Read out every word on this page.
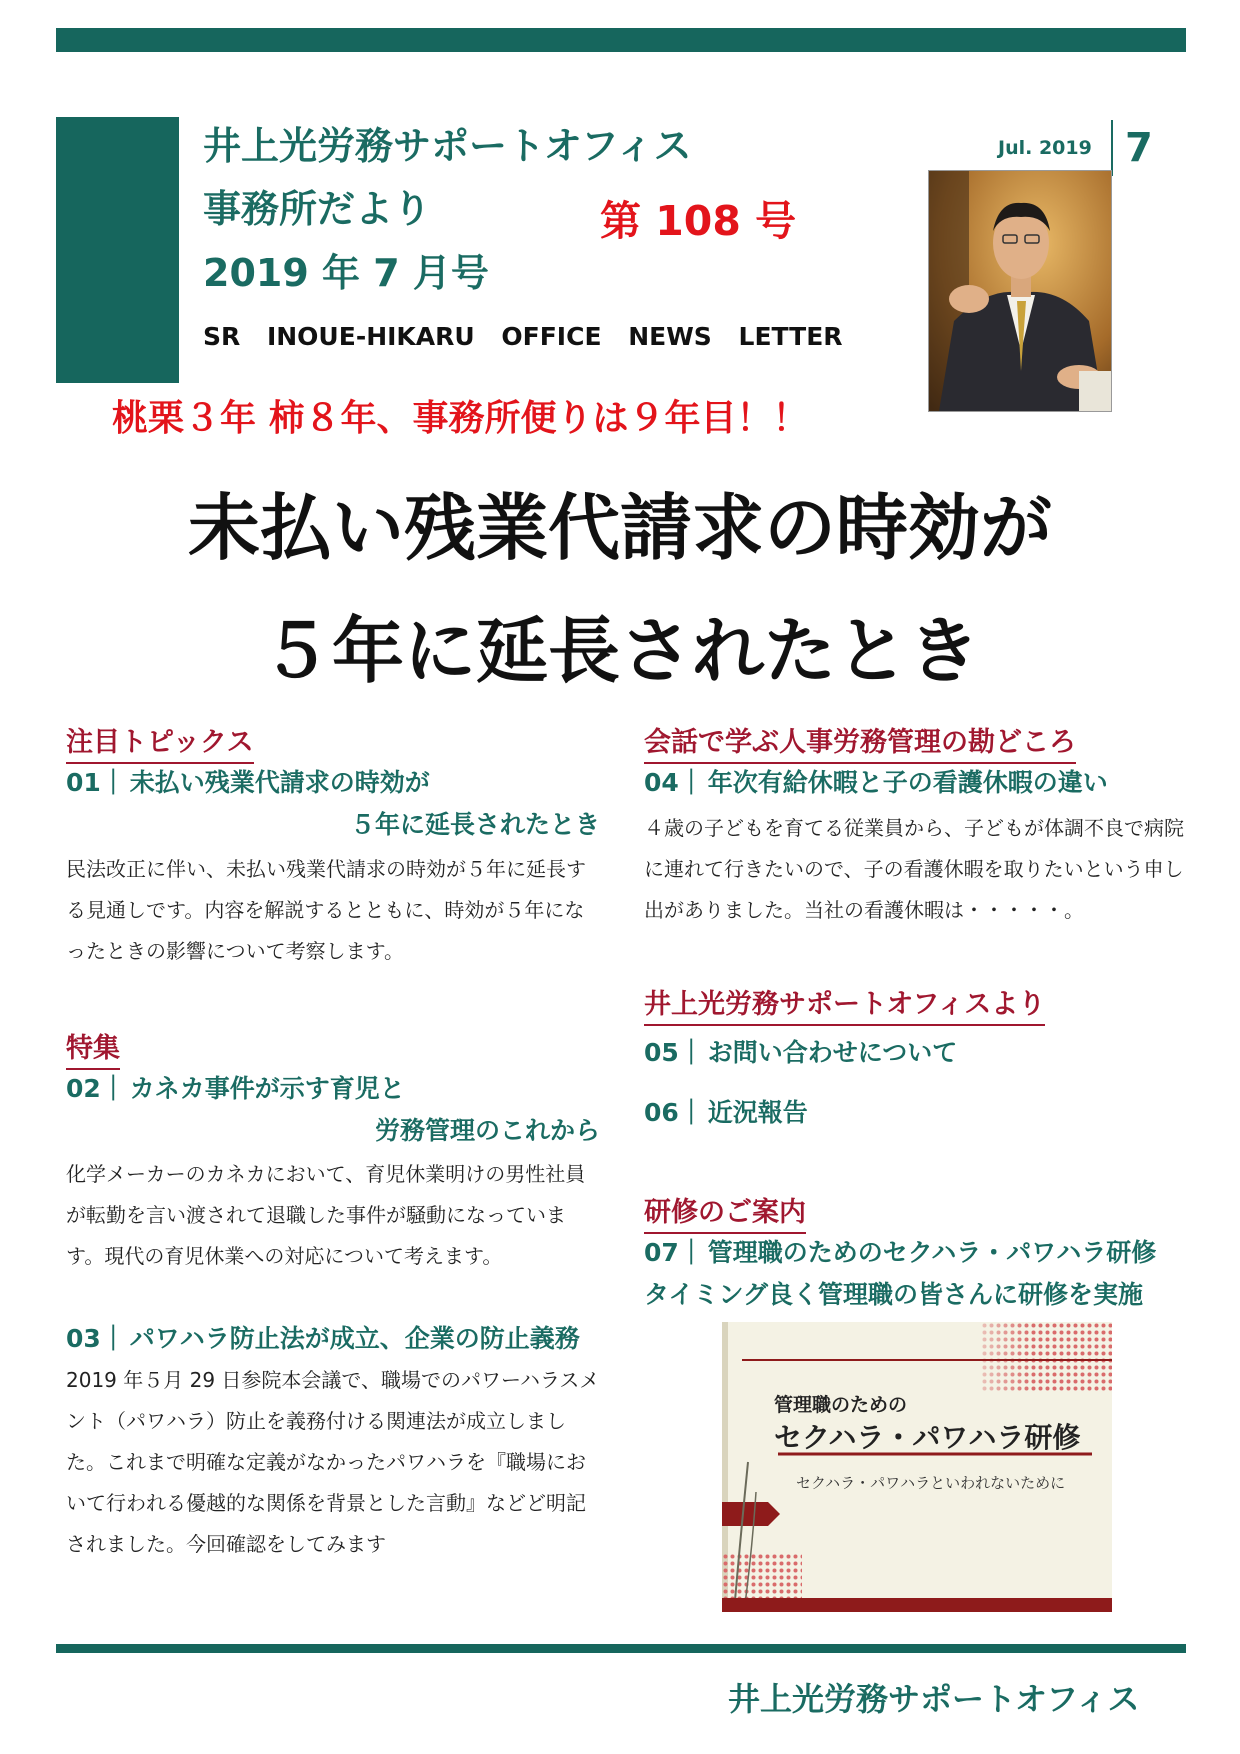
井上光労務サポートオフィス
事務所だより	第 108 号
2019 年 7 月号
SR INOUE-HIKARU OFFICE NEWS LETTER
Jul. 2019 7
桃栗３年 柿８年、事務所便りは９年目！！
未払い残業代請求の時効が
５年に延長されたとき
注目トピックス
01｜ 未払い残業代請求の時効が
５年に延長されたとき
民法改正に伴い、未払い残業代請求の時効が５年に延長する見通しです。内容を解説するとともに、時効が５年になったときの影響について考察します。
特集
02｜ カネカ事件が示す育児と
労務管理のこれから
化学メーカーのカネカにおいて、育児休業明けの男性社員が転勤を言い渡されて退職した事件が騒動になっています。現代の育児休業への対応について考えます。
03｜ パワハラ防止法が成立、企業の防止義務
2019 年５月 29 日参院本会議で、職場でのパワーハラスメント（パワハラ）防止を義務付ける関連法が成立しました。これまで明確な定義がなかったパワハラを『職場において行われる優越的な関係を背景とした言動』などど明記されました。今回確認をしてみます
会話で学ぶ人事労務管理の勘どころ
04｜ 年次有給休暇と子の看護休暇の違い
４歳の子どもを育てる従業員から、子どもが体調不良で病院に連れて行きたいので、子の看護休暇を取りたいという申し出がありました。当社の看護休暇は・・・・・。
井上光労務サポートオフィスより
05｜ お問い合わせについて
06｜ 近況報告
研修のご案内
07｜ 管理職のためのセクハラ・パワハラ研修
タイミング良く管理職の皆さんに研修を実施
管理職のための
セクハラ・パワハラ研修
セクハラ・パワハラといわれないために
井上光労務サポートオフィス
